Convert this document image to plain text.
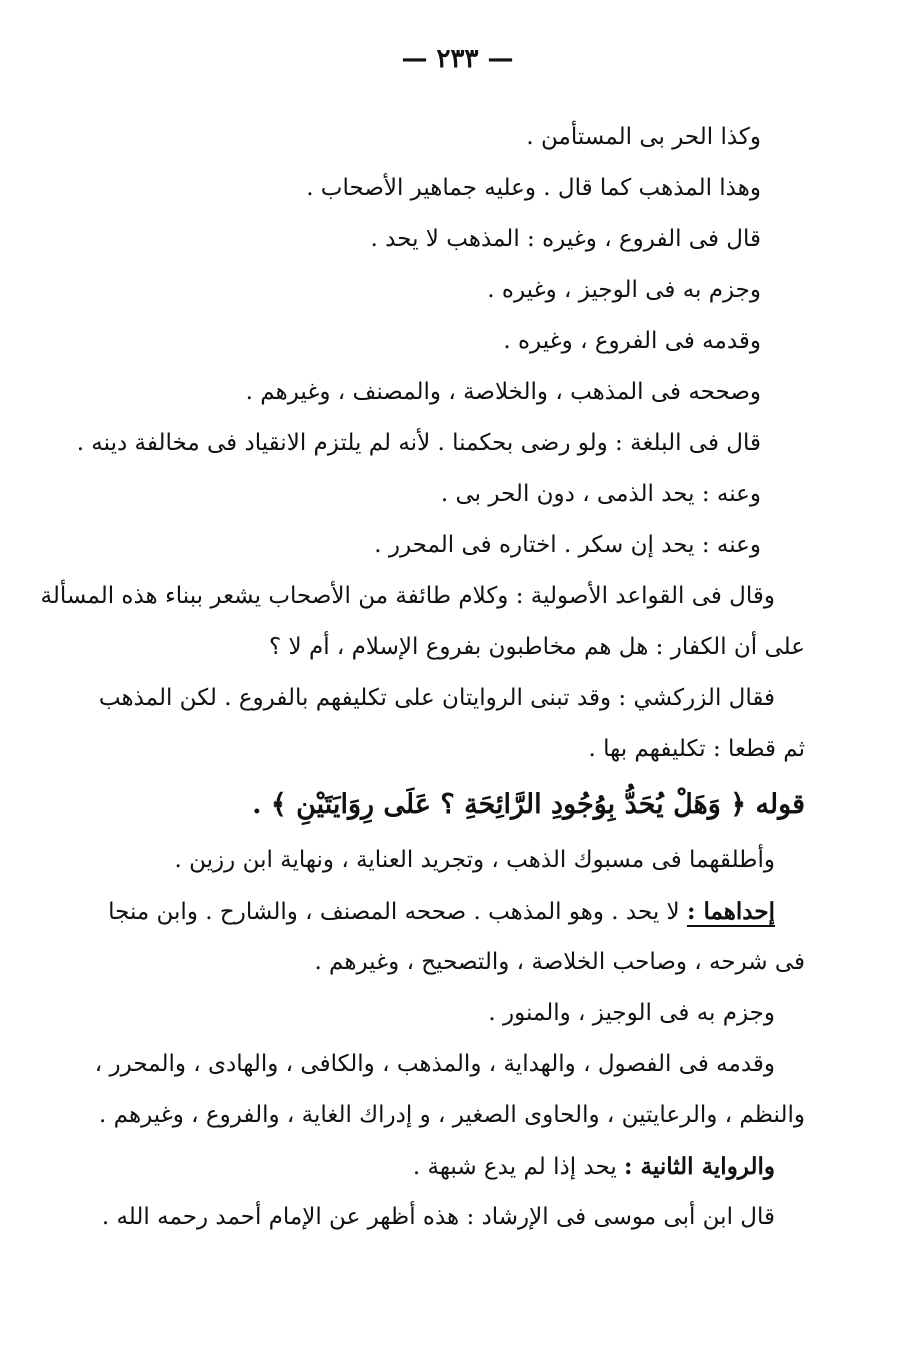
— ٢٣٣ —
وكذا الحر بى المستأمن .
وهذا المذهب كما قال . وعليه جماهير الأصحاب .
قال فى الفروع ، وغيره : المذهب لا يحد .
وجزم به فى الوجيز ، وغيره .
وقدمه فى الفروع ، وغيره .
وصححه فى المذهب ، والخلاصة ، والمصنف ، وغيرهم .
قال فى البلغة : ولو رضى بحكمنا . لأنه لم يلتزم الانقياد فى مخالفة دينه .
وعنه : يحد الذمى ، دون الحر بى .
وعنه : يحد إن سكر . اختاره فى المحرر .
وقال فى القواعد الأصولية : وكلام طائفة من الأصحاب يشعر ببناء هذه المسألة
على أن الكفار : هل هم مخاطبون بفروع الإسلام ، أم لا ؟
فقال الزركشي : وقد تبنى الروايتان على تكليفهم بالفروع . لكن المذهب
ثم قطعا : تكليفهم بها .
قوله ﴿ وَهَلْ يُحَدُّ بِوُجُودِ الرَّائِحَةِ ؟ عَلَى رِوَايَتَيْنِ ﴾ .
وأطلقهما فى مسبوك الذهب ، وتجريد العناية ، ونهاية ابن رزين .
إحداهما : لا يحد . وهو المذهب . صححه المصنف ، والشارح . وابن منجا
فى شرحه ، وصاحب الخلاصة ، والتصحيح ، وغيرهم .
وجزم به فى الوجيز ، والمنور .
وقدمه فى الفصول ، والهداية ، والمذهب ، والكافى ، والهادى ، والمحرر ،
والنظم ، والرعايتين ، والحاوى الصغير ، و إدراك الغاية ، والفروع ، وغيرهم .
والرواية الثانية : يحد إذا لم يدع شبهة .
قال ابن أبى موسى فى الإرشاد : هذه أظهر عن الإمام أحمد رحمه الله .
